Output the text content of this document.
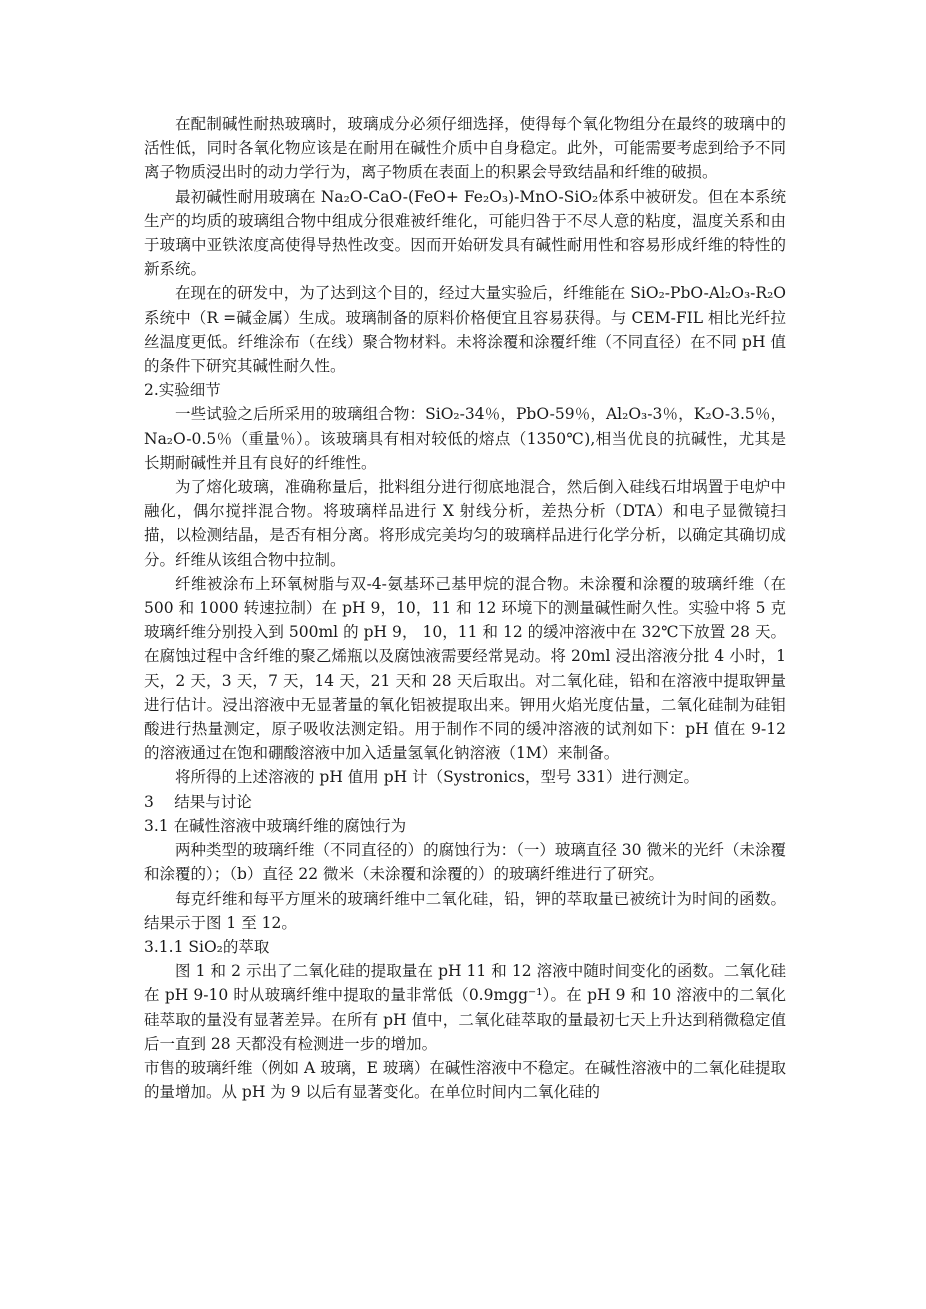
在配制碱性耐热玻璃时，玻璃成分必须仔细选择，使得每个氧化物组分在最终的玻璃中的活性低，同时各氧化物应该是在耐用在碱性介质中自身稳定。此外，可能需要考虑到给予不同离子物质浸出时的动力学行为，离子物质在表面上的积累会导致结晶和纤维的破损。

最初碱性耐用玻璃在 Na₂O-CaO-(FeO+ Fe₂O₃)-MnO-SiO₂体系中被研发。但在本系统生产的均质的玻璃组合物中组成分很难被纤维化，可能归咎于不尽人意的粘度，温度关系和由于玻璃中亚铁浓度高使得导热性改变。因而开始研发具有碱性耐用性和容易形成纤维的特性的新系统。

在现在的研发中，为了达到这个目的，经过大量实验后，纤维能在 SiO₂-PbO-Al₂O₃-R₂O 系统中（R =碱金属）生成。玻璃制备的原料价格便宜且容易获得。与 CEM-FIL 相比光纤拉丝温度更低。纤维涂布（在线）聚合物材料。未将涂覆和涂覆纤维（不同直径）在不同 pH 值的条件下研究其碱性耐久性。

2.实验细节

一些试验之后所采用的玻璃组合物：SiO₂-34％，PbO-59％，Al₂O₃-3％，K₂O-3.5％，Na₂O-0.5％（重量％）。该玻璃具有相对较低的熔点（1350℃),相当优良的抗碱性，尤其是长期耐碱性并且有良好的纤维性。

为了熔化玻璃，准确称量后，批料组分进行彻底地混合，然后倒入硅线石坩埚置于电炉中融化，偶尔搅拌混合物。将玻璃样品进行 X 射线分析，差热分析（DTA）和电子显微镜扫描，以检测结晶，是否有相分离。将形成完美均匀的玻璃样品进行化学分析，以确定其确切成分。纤维从该组合物中拉制。

纤维被涂布上环氧树脂与双-4-氨基环己基甲烷的混合物。未涂覆和涂覆的玻璃纤维（在 500 和 1000 转速拉制）在 pH 9，10，11 和 12 环境下的测量碱性耐久性。实验中将 5 克玻璃纤维分别投入到 500ml 的 pH 9， 10，11 和 12 的缓冲溶液中在 32℃下放置 28 天。在腐蚀过程中含纤维的聚乙烯瓶以及腐蚀液需要经常晃动。将 20ml 浸出溶液分批 4 小时，1 天，2 天，3 天，7 天，14 天，21 天和 28 天后取出。对二氧化硅，铅和在溶液中提取钾量进行估计。浸出溶液中无显著量的氧化铝被提取出来。钾用火焰光度估量，二氧化硅制为硅钼酸进行热量测定，原子吸收法测定铅。用于制作不同的缓冲溶液的试剂如下：pH 值在 9-12 的溶液通过在饱和硼酸溶液中加入适量氢氧化钠溶液（1M）来制备。

将所得的上述溶液的 pH 值用 pH 计（Systronics，型号 331）进行测定。

3　 结果与讨论

3.1 在碱性溶液中玻璃纤维的腐蚀行为

两种类型的玻璃纤维（不同直径的）的腐蚀行为：（一）玻璃直径 30 微米的光纤（未涂覆和涂覆的）；（b）直径 22 微米（未涂覆和涂覆的）的玻璃纤维进行了研究。

每克纤维和每平方厘米的玻璃纤维中二氧化硅，铅，钾的萃取量已被统计为时间的函数。结果示于图 1 至 12。

3.1.1 SiO₂的萃取

图 1 和 2 示出了二氧化硅的提取量在 pH 11 和 12 溶液中随时间变化的函数。二氧化硅在 pH 9-10 时从玻璃纤维中提取的量非常低（0.9mgg⁻¹）。在 pH 9 和 10 溶液中的二氧化硅萃取的量没有显著差异。在所有 pH 值中，二氧化硅萃取的量最初七天上升达到稍微稳定值后一直到 28 天都没有检测进一步的增加。

市售的玻璃纤维（例如 A 玻璃，E 玻璃）在碱性溶液中不稳定。在碱性溶液中的二氧化硅提取的量增加。从 pH 为 9 以后有显著变化。在单位时间内二氧化硅的
